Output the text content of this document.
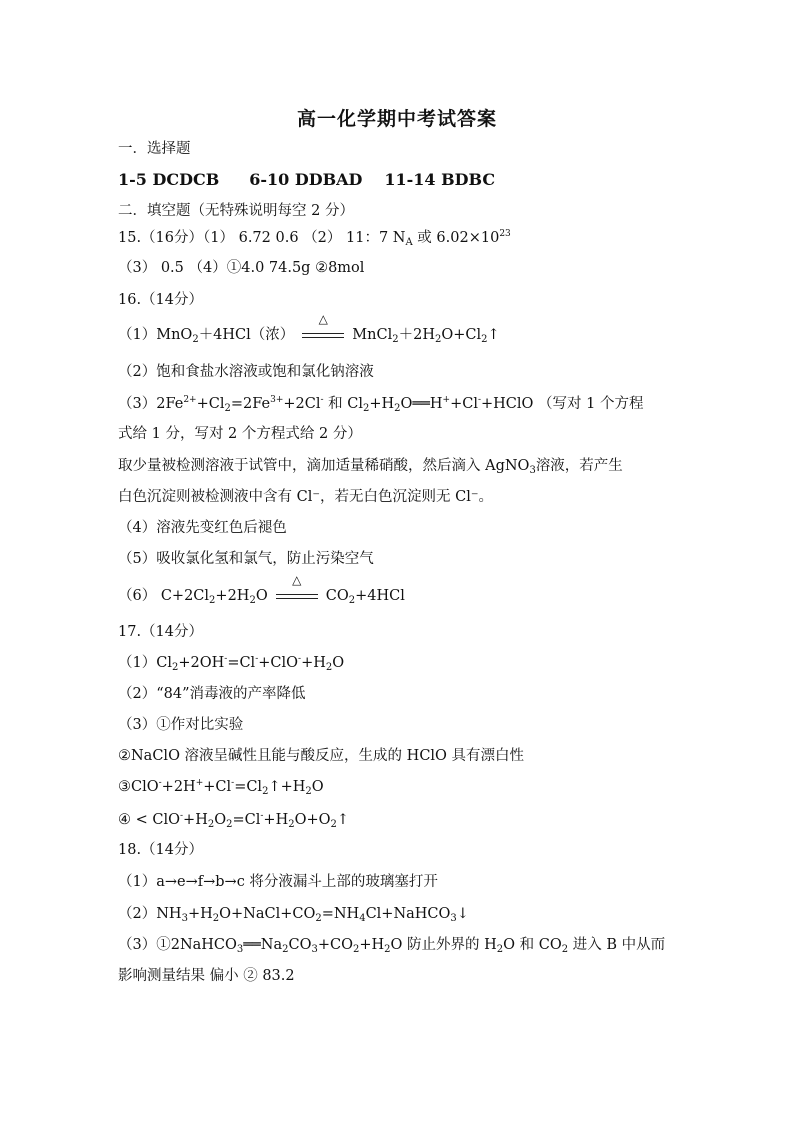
高一化学期中考试答案
一．选择题
1-5 DCDCB 6-10 DDBAD 11-14 BDBC
二．填空题（无特殊说明每空 2 分）
15.（16分）（1） 6.72 0.6 （2） 11：7 $N_A$ 或 $6.02\times 10^{23}$
（3） 0.5 （4）①4.0 74.5g ②8mol
16.（14分）
（1）MnO$_2$＋4HCl（浓）
△
$MnCl_2+2H_2O+Cl_2↑$
（2）饱和食盐水溶液或饱和氯化钠溶液
$(3)2Fe^{2+}+Cl_2=2Fe^{3+}+2Cl^-$ 和 $Cl_2+H_2O══H^++Cl^-+HClO$ （写对 1 个方程
式给 1 分，写对 2 个方程式给 2 分）
取少量被检测溶液于试管中，滴加适量稀硝酸，然后滴入 AgNO$_3$溶液，若产生
白色沉淀则被检测液中含有 Cl⁻，若无白色沉淀则无 Cl⁻。
（4）溶液先变红色后褪色
（5）吸收氯化氢和氯气，防止污染空气
（6） $C+2Cl_2+2H_2O$
△
$CO_2+4HCl$
17.（14分）
$(1)Cl_2+2OH^-=Cl^-+ClO^-+H_2O$
（2）“84”消毒液的产率降低
（3）①作对比实验
②NaClO 溶液呈碱性且能与酸反应，生成的 HClO 具有漂白性
$③ClO^-+2H^++Cl^-=Cl_2↑+H_2O$
④ < $ClO^-+H_2O_2=Cl^-+H_2O+O_2↑$
18.（14分）
（1）a→e→f→b→c 将分液漏斗上部的玻璃塞打开
$(2)NH_3+H_2O+NaCl+CO_2=NH_4Cl+NaHCO_3↓$
$(3)①2NaHCO_3══Na_2CO_3+CO_2+H_2O$ 防止外界的 $H_2O$ 和 $CO_2$ 进入 B 中从而
影响测量结果 偏小 ② 83.2
